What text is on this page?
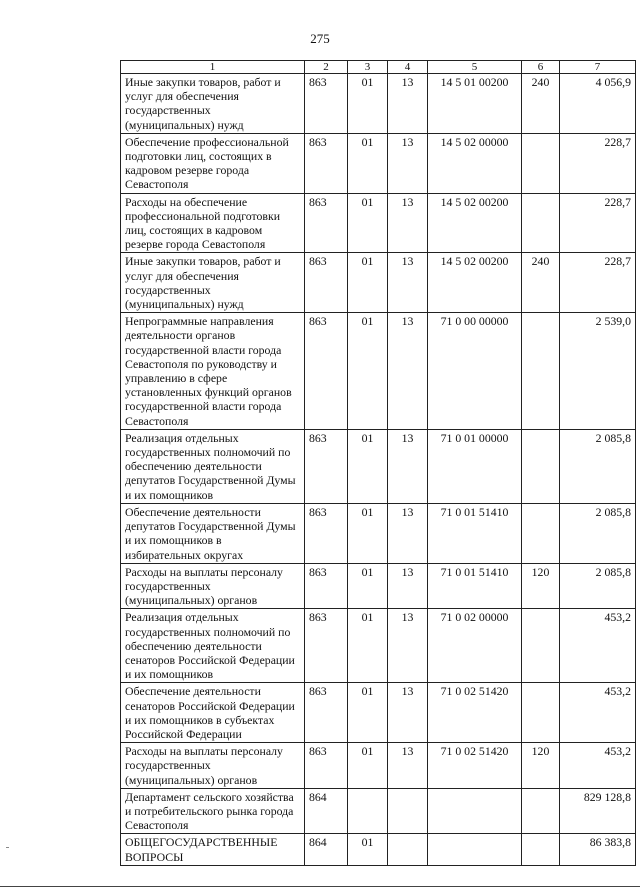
275
1	2	3	4	5	6	7
Иные закупки товаров, работ и услуг для обеспечения государственных (муниципальных) нужд	863	01	13	14 5 01 00200	240	4 056,9
Обеспечение профессиональной подготовки лиц, состоящих в кадровом резерве города Севастополя	863	01	13	14 5 02 00000		228,7
Расходы на обеспечение профессиональной подготовки лиц, состоящих в кадровом резерве города Севастополя	863	01	13	14 5 02 00200		228,7
Иные закупки товаров, работ и услуг для обеспечения государственных (муниципальных) нужд	863	01	13	14 5 02 00200	240	228,7
Непрограммные направления деятельности органов государственной власти города Севастополя по руководству и управлению в сфере установленных функций органов государственной власти города Севастополя	863	01	13	71 0 00 00000		2 539,0
Реализация отдельных государственных полномочий по обеспечению деятельности депутатов Государственной Думы и их помощников	863	01	13	71 0 01 00000		2 085,8
Обеспечение деятельности депутатов Государственной Думы и их помощников в избирательных округах	863	01	13	71 0 01 51410		2 085,8
Расходы на выплаты персоналу государственных (муниципальных) органов	863	01	13	71 0 01 51410	120	2 085,8
Реализация отдельных государственных полномочий по обеспечению деятельности сенаторов Российской Федерации и их помощников	863	01	13	71 0 02 00000		453,2
Обеспечение деятельности сенаторов Российской Федерации и их помощников в субъектах Российской Федерации	863	01	13	71 0 02 51420		453,2
Расходы на выплаты персоналу государственных (муниципальных) органов	863	01	13	71 0 02 51420	120	453,2
Департамент сельского хозяйства и потребительского рынка города Севастополя	864					829 128,8
ОБЩЕГОСУДАРСТВЕННЫЕ ВОПРОСЫ	864	01				86 383,8
